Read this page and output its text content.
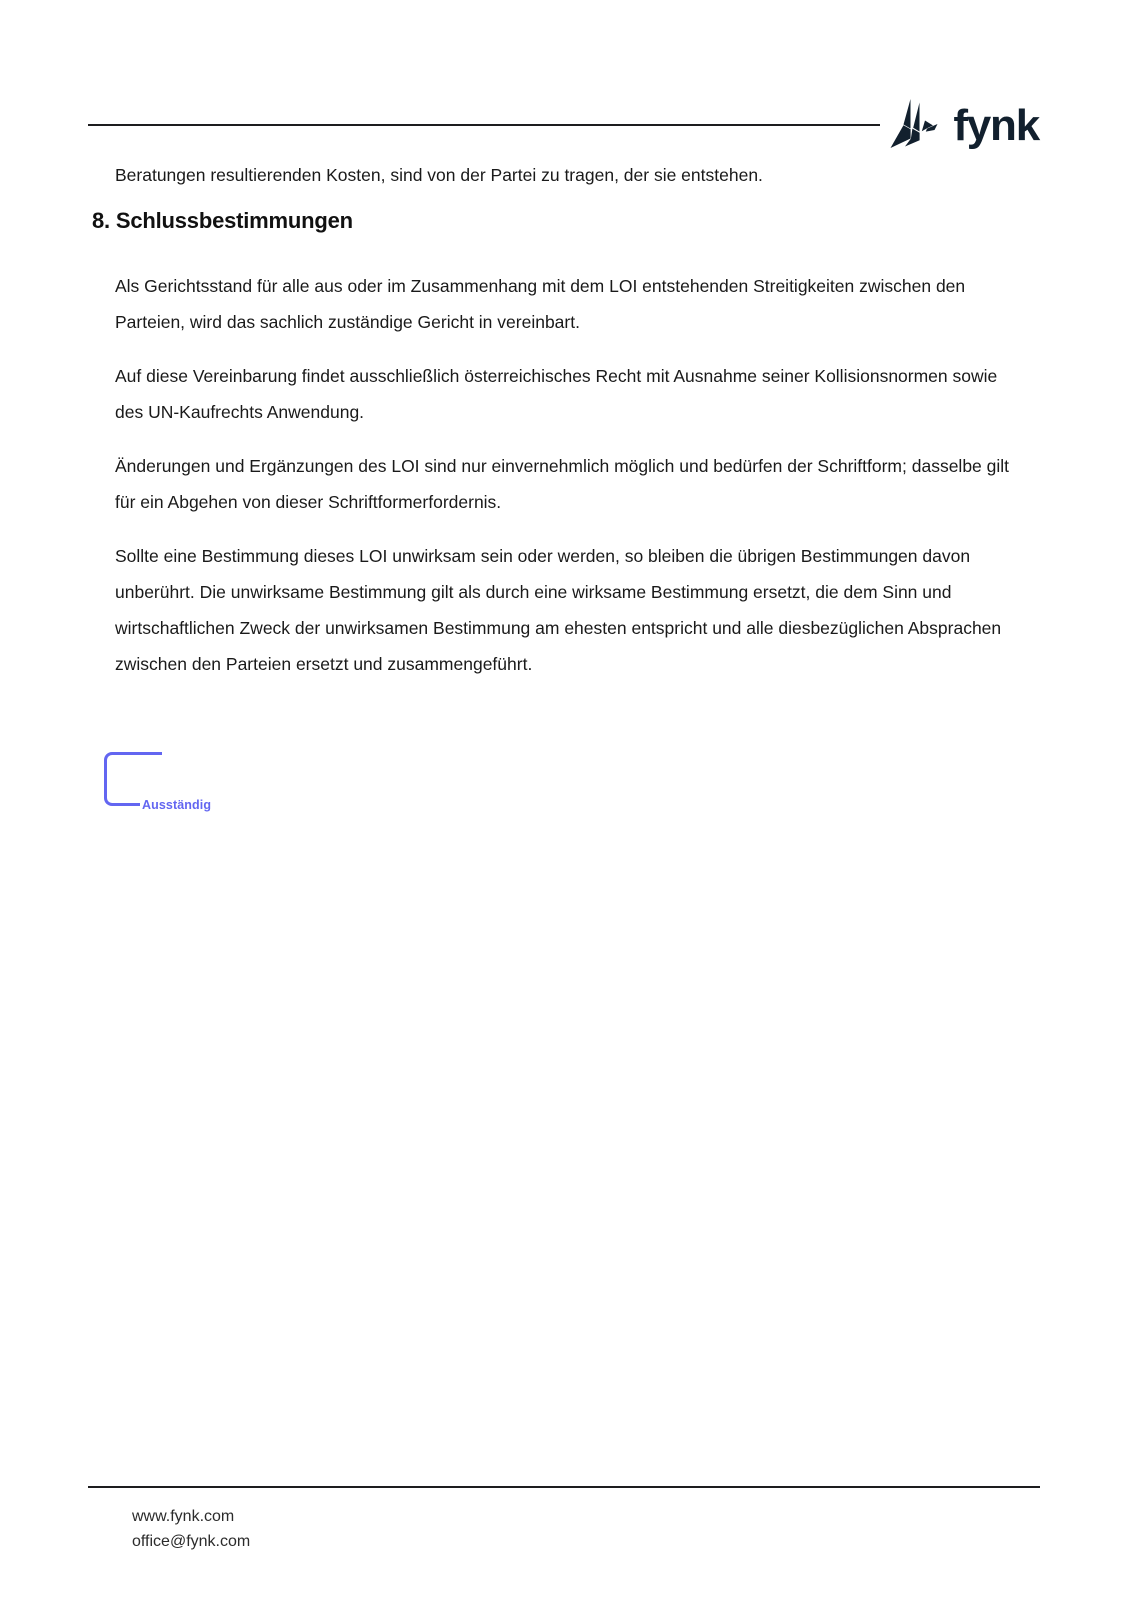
fynk
Beratungen resultierenden Kosten, sind von der Partei zu tragen, der sie entstehen.
8. Schlussbestimmungen
Als Gerichtsstand für alle aus oder im Zusammenhang mit dem LOI entstehenden Streitigkeiten zwischen den
Parteien, wird das sachlich zuständige Gericht in vereinbart.
Auf diese Vereinbarung findet ausschließlich österreichisches Recht mit Ausnahme seiner Kollisionsnormen sowie
des UN-Kaufrechts Anwendung.
Änderungen und Ergänzungen des LOI sind nur einvernehmlich möglich und bedürfen der Schriftform; dasselbe gilt
für ein Abgehen von dieser Schriftformerfordernis.
Sollte eine Bestimmung dieses LOI unwirksam sein oder werden, so bleiben die übrigen Bestimmungen davon
unberührt. Die unwirksame Bestimmung gilt als durch eine wirksame Bestimmung ersetzt, die dem Sinn und
wirtschaftlichen Zweck der unwirksamen Bestimmung am ehesten entspricht und alle diesbezüglichen Absprachen
zwischen den Parteien ersetzt und zusammengeführt.
Ausständig
www.fynk.com
office@fynk.com
